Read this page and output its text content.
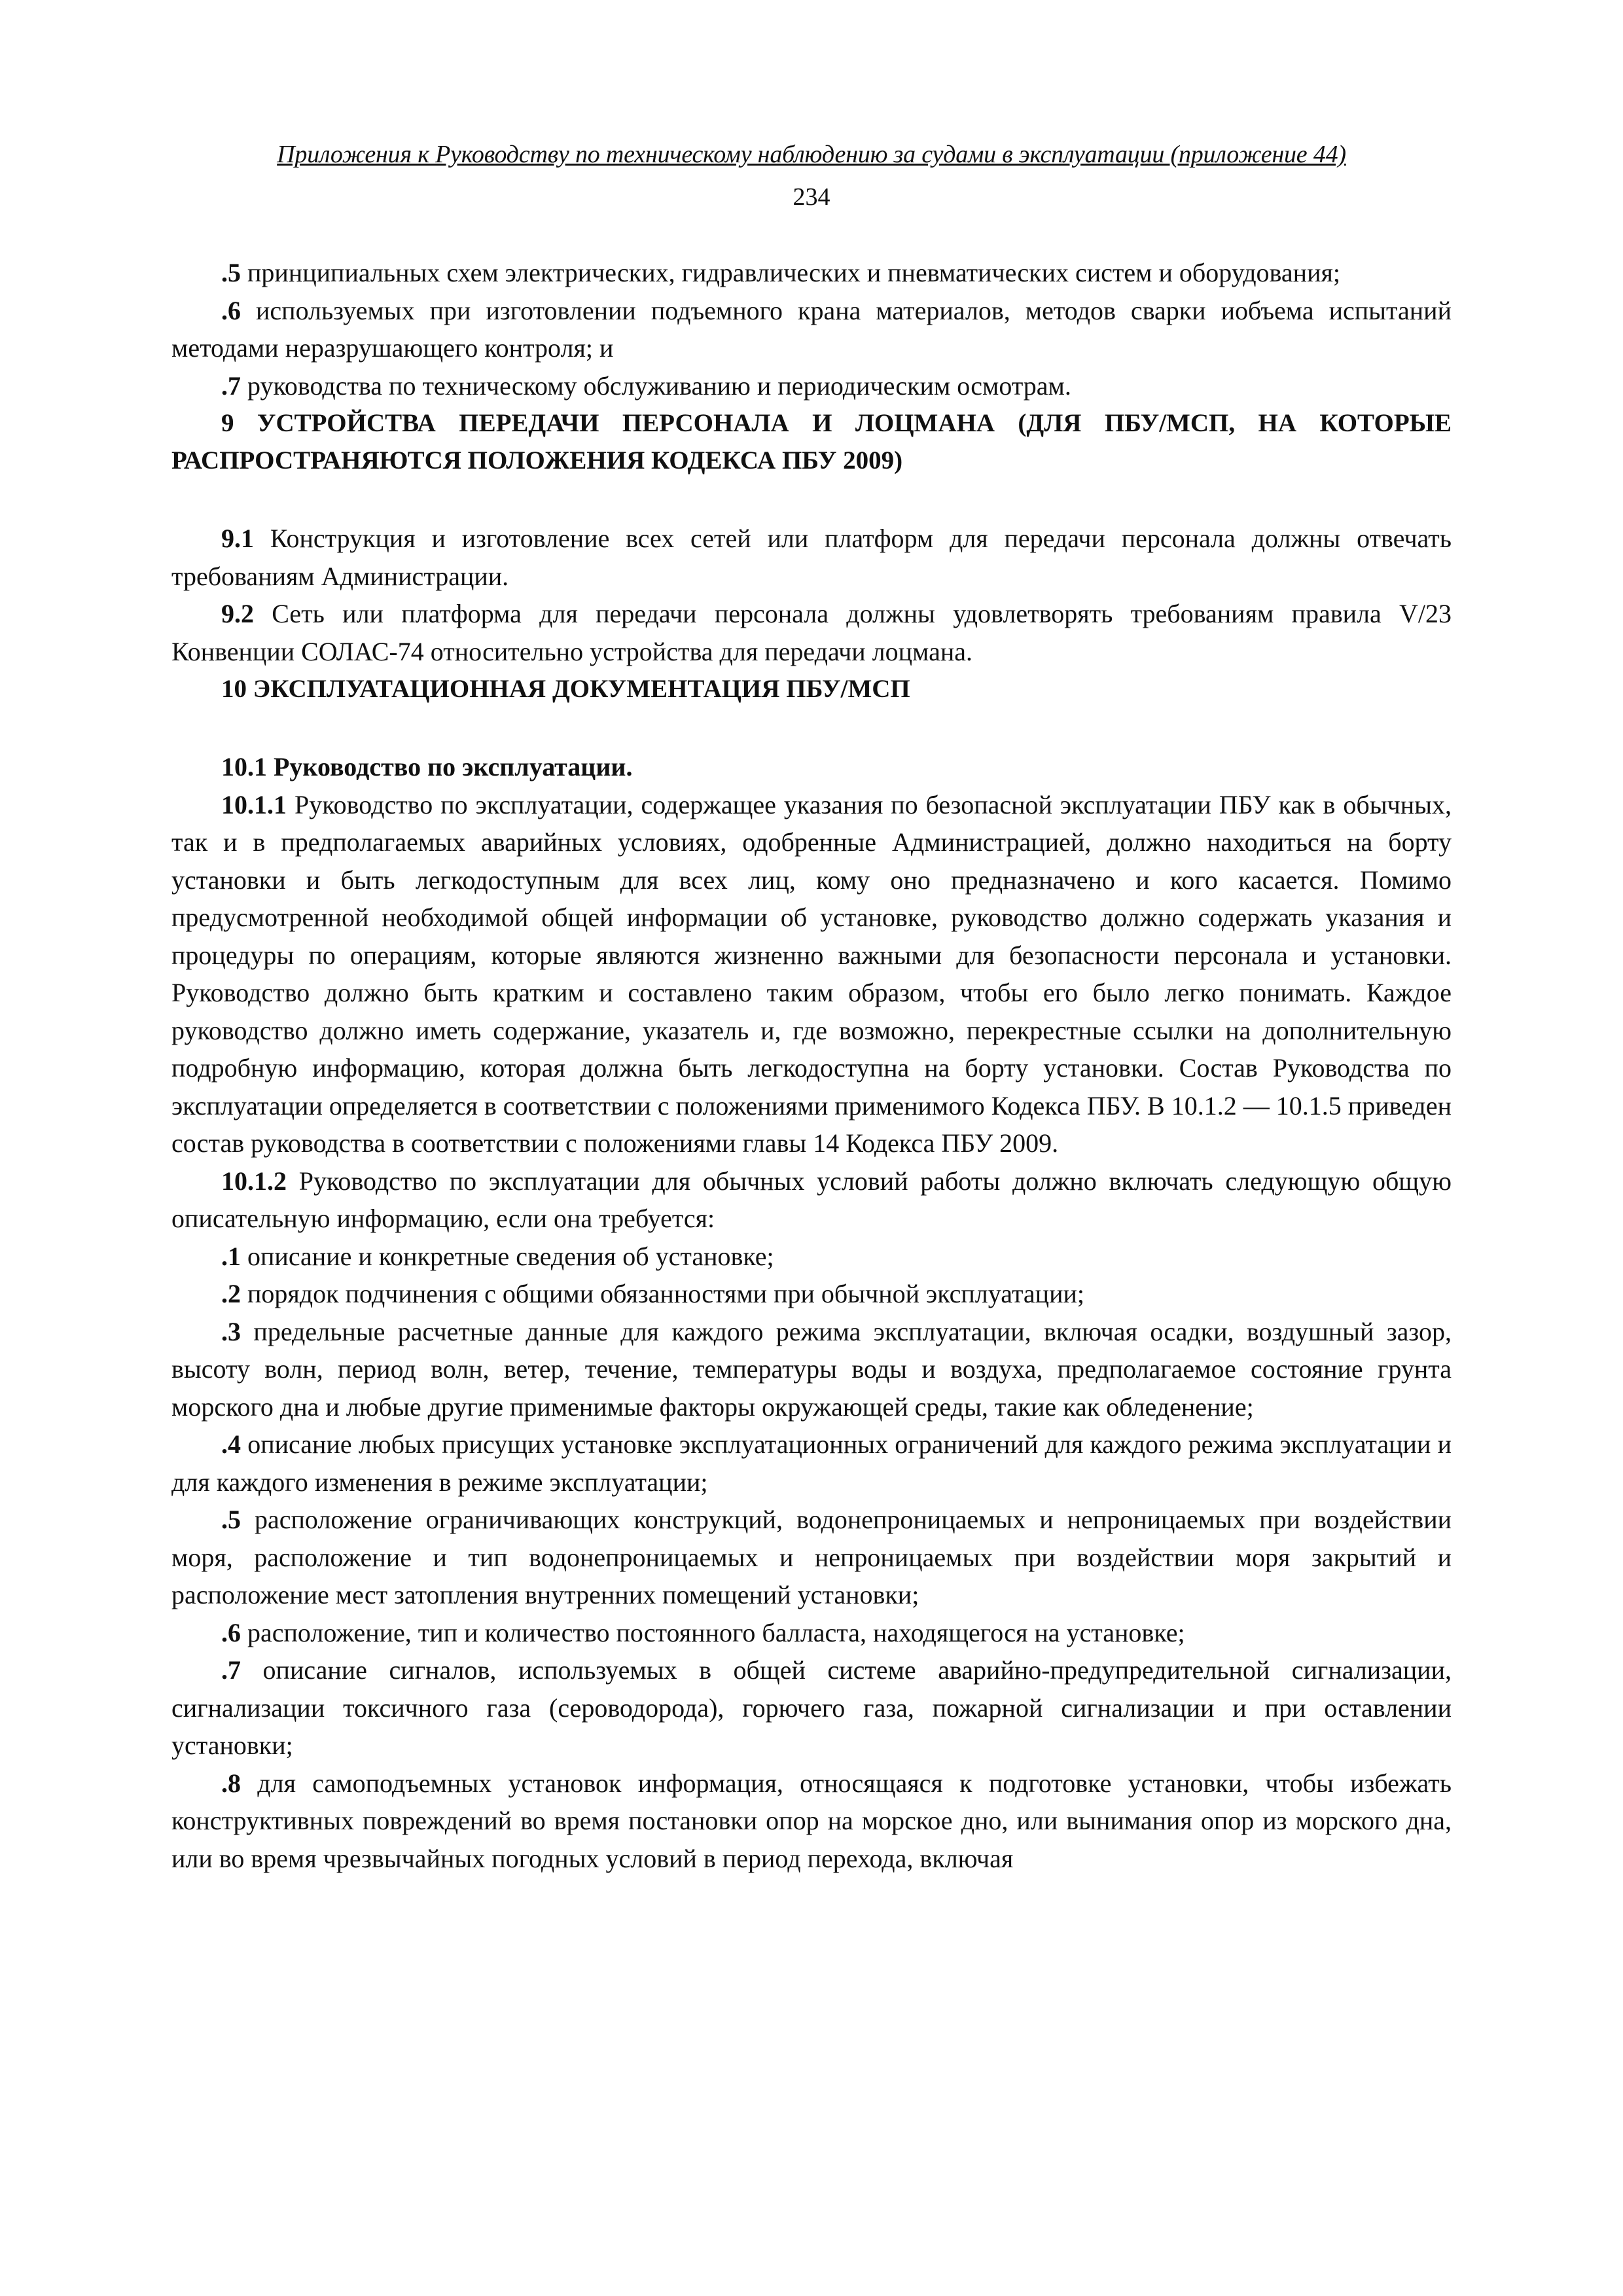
Приложения к Руководству по техническому наблюдению за судами в эксплуатации (приложение 44)
234

.5 принципиальных схем электрических, гидравлических и пневматических систем и оборудования;

.6 используемых при изготовлении подъемного крана материалов, методов сварки иобъема испытаний методами неразрушающего контроля; и

.7 руководства по техническому обслуживанию и периодическим осмотрам.

9 УСТРОЙСТВА ПЕРЕДАЧИ ПЕРСОНАЛА И ЛОЦМАНА (ДЛЯ ПБУ/МСП, НА КОТОРЫЕ РАСПРОСТРАНЯЮТСЯ ПОЛОЖЕНИЯ КОДЕКСА ПБУ 2009)

9.1 Конструкция и изготовление всех сетей или платформ для передачи персонала должны отвечать требованиям Администрации.

9.2 Сеть или платформа для передачи персонала должны удовлетворять требованиям правила V/23 Конвенции СОЛАС-74 относительно устройства для передачи лоцмана.

10 ЭКСПЛУАТАЦИОННАЯ ДОКУМЕНТАЦИЯ ПБУ/МСП

10.1 Руководство по эксплуатации.

10.1.1 Руководство по эксплуатации, содержащее указания по безопасной эксплуатации ПБУ как в обычных, так и в предполагаемых аварийных условиях, одобренные Администрацией, должно находиться на борту установки и быть легкодоступным для всех лиц, кому оно предназначено и кого касается. Помимо предусмотренной необходимой общей информации об установке, руководство должно содержать указания и процедуры по операциям, которые являются жизненно важными для безопасности персонала и установки. Руководство должно быть кратким и составлено таким образом, чтобы его было легко понимать. Каждое руководство должно иметь содержание, указатель и, где возможно, перекрестные ссылки на дополнительную подробную информацию, которая должна быть легкодоступна на борту установки. Состав Руководства по эксплуатации определяется в соответствии с положениями применимого Кодекса ПБУ. В 10.1.2 — 10.1.5 приведен состав руководства в соответствии с положениями главы 14 Кодекса ПБУ 2009.

10.1.2 Руководство по эксплуатации для обычных условий работы должно включать следующую общую описательную информацию, если она требуется:

.1 описание и конкретные сведения об установке;

.2 порядок подчинения с общими обязанностями при обычной эксплуатации;

.3 предельные расчетные данные для каждого режима эксплуатации, включая осадки, воздушный зазор, высоту волн, период волн, ветер, течение, температуры воды и воздуха, предполагаемое состояние грунта морского дна и любые другие применимые факторы окружающей среды, такие как обледенение;

.4 описание любых присущих установке эксплуатационных ограничений для каждого режима эксплуатации и для каждого изменения в режиме эксплуатации;

.5 расположение ограничивающих конструкций, водонепроницаемых и непроницаемых при воздействии моря, расположение и тип водонепроницаемых и непроницаемых при воздействии моря закрытий и расположение мест затопления внутренних помещений установки;

.6 расположение, тип и количество постоянного балласта, находящегося на установке;

.7 описание сигналов, используемых в общей системе аварийно-предупредительной сигнализации, сигнализации токсичного газа (сероводорода), горючего газа, пожарной сигнализации и при оставлении установки;

.8 для самоподъемных установок информация, относящаяся к подготовке установки, чтобы избежать конструктивных повреждений во время постановки опор на морское дно, или вынимания опор из морского дна, или во время чрезвычайных погодных условий в период перехода, включая
